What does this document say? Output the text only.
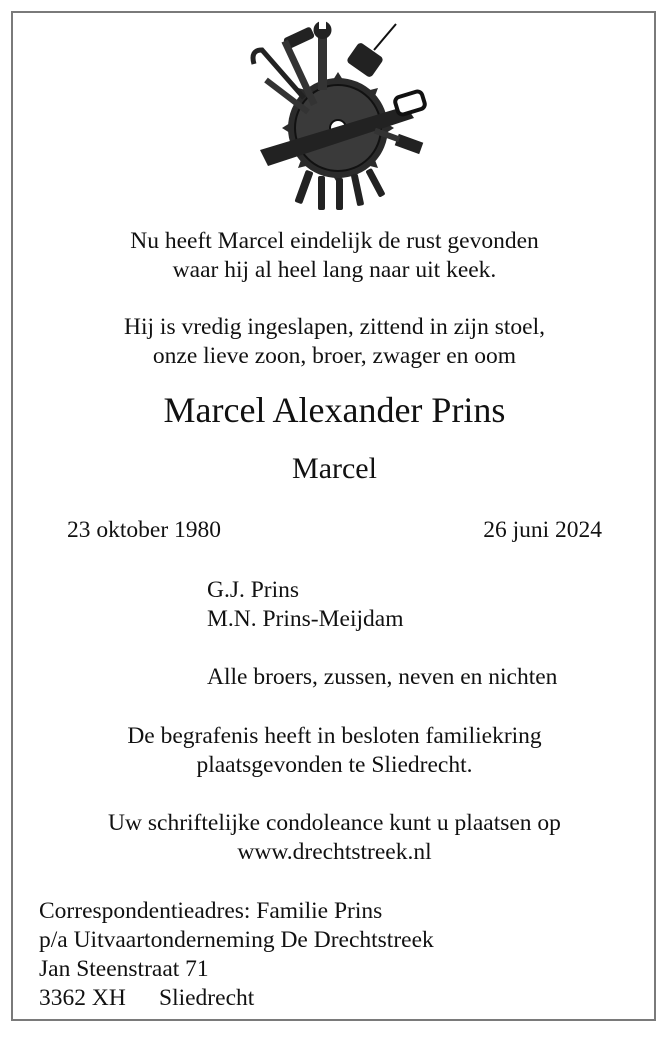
Nu heeft Marcel eindelijk de rust gevonden

waar hij al heel lang naar uit keek.

Hij is vredig ingeslapen, zittend in zijn stoel,

onze lieve zoon, broer, zwager en oom

Marcel Alexander Prins

Marcel

23 oktober 1980	26 juni 2024

G.J. Prins

M.N. Prins-Meijdam

Alle broers, zussen, neven en nichten

De begrafenis heeft in besloten familiekring

plaatsgevonden te Sliedrecht.

Uw schriftelijke condoleance kunt u plaatsen op

www.drechtstreek.nl

Correspondentieadres: Familie Prins

p/a Uitvaartonderneming De Drechtstreek

Jan Steenstraat 71

3362 XH Sliedrecht
